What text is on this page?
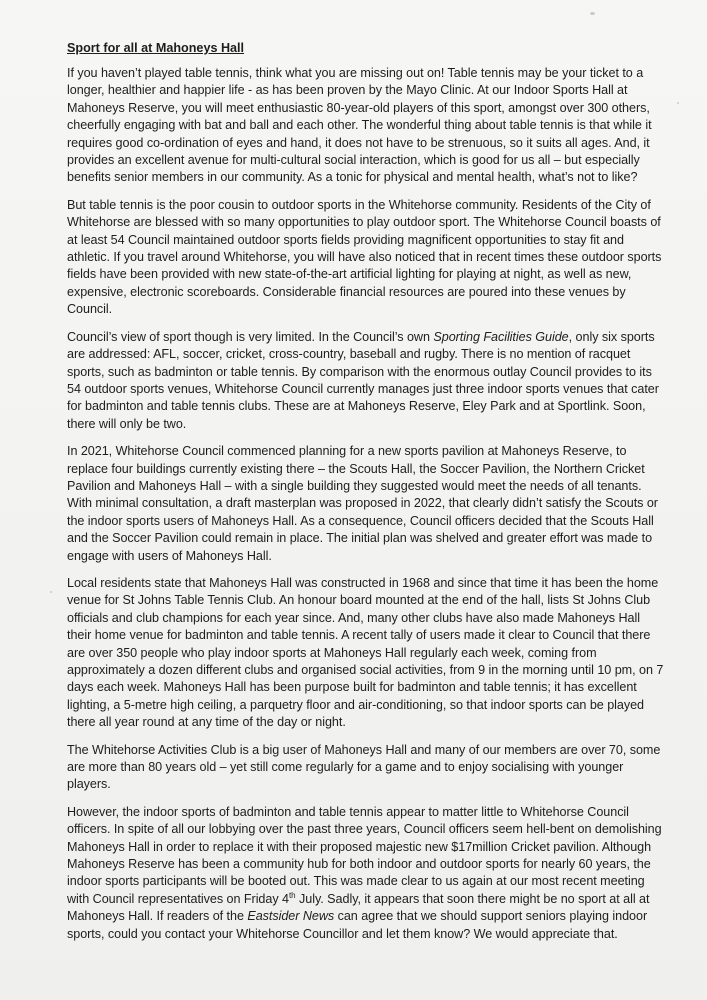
Sport for all at Mahoneys Hall

If you haven’t played table tennis, think what you are missing out on! Table tennis may be your ticket to a longer, healthier and happier life - as has been proven by the Mayo Clinic. At our Indoor Sports Hall at Mahoneys Reserve, you will meet enthusiastic 80-year-old players of this sport, amongst over 300 others, cheerfully engaging with bat and ball and each other. The wonderful thing about table tennis is that while it requires good co-ordination of eyes and hand, it does not have to be strenuous, so it suits all ages. And, it provides an excellent avenue for multi-cultural social interaction, which is good for us all – but especially benefits senior members in our community. As a tonic for physical and mental health, what’s not to like?

But table tennis is the poor cousin to outdoor sports in the Whitehorse community. Residents of the City of Whitehorse are blessed with so many opportunities to play outdoor sport. The Whitehorse Council boasts of at least 54 Council maintained outdoor sports fields providing magnificent opportunities to stay fit and athletic. If you travel around Whitehorse, you will have also noticed that in recent times these outdoor sports fields have been provided with new state-of-the-art artificial lighting for playing at night, as well as new, expensive, electronic scoreboards. Considerable financial resources are poured into these venues by Council.

Council’s view of sport though is very limited. In the Council’s own Sporting Facilities Guide, only six sports are addressed: AFL, soccer, cricket, cross-country, baseball and rugby. There is no mention of racquet sports, such as badminton or table tennis. By comparison with the enormous outlay Council provides to its 54 outdoor sports venues, Whitehorse Council currently manages just three indoor sports venues that cater for badminton and table tennis clubs. These are at Mahoneys Reserve, Eley Park and at Sportlink. Soon, there will only be two.

In 2021, Whitehorse Council commenced planning for a new sports pavilion at Mahoneys Reserve, to replace four buildings currently existing there – the Scouts Hall, the Soccer Pavilion, the Northern Cricket Pavilion and Mahoneys Hall – with a single building they suggested would meet the needs of all tenants. With minimal consultation, a draft masterplan was proposed in 2022, that clearly didn’t satisfy the Scouts or the indoor sports users of Mahoneys Hall. As a consequence, Council officers decided that the Scouts Hall and the Soccer Pavilion could remain in place. The initial plan was shelved and greater effort was made to engage with users of Mahoneys Hall.

Local residents state that Mahoneys Hall was constructed in 1968 and since that time it has been the home venue for St Johns Table Tennis Club. An honour board mounted at the end of the hall, lists St Johns Club officials and club champions for each year since. And, many other clubs have also made Mahoneys Hall their home venue for badminton and table tennis. A recent tally of users made it clear to Council that there are over 350 people who play indoor sports at Mahoneys Hall regularly each week, coming from approximately a dozen different clubs and organised social activities, from 9 in the morning until 10 pm, on 7 days each week. Mahoneys Hall has been purpose built for badminton and table tennis; it has excellent lighting, a 5-metre high ceiling, a parquetry floor and air-conditioning, so that indoor sports can be played there all year round at any time of the day or night.

The Whitehorse Activities Club is a big user of Mahoneys Hall and many of our members are over 70, some are more than 80 years old – yet still come regularly for a game and to enjoy socialising with younger players.

However, the indoor sports of badminton and table tennis appear to matter little to Whitehorse Council officers. In spite of all our lobbying over the past three years, Council officers seem hell-bent on demolishing Mahoneys Hall in order to replace it with their proposed majestic new $17million Cricket pavilion. Although Mahoneys Reserve has been a community hub for both indoor and outdoor sports for nearly 60 years, the indoor sports participants will be booted out. This was made clear to us again at our most recent meeting with Council representatives on Friday 4th July. Sadly, it appears that soon there might be no sport at all at Mahoneys Hall. If readers of the Eastsider News can agree that we should support seniors playing indoor sports, could you contact your Whitehorse Councillor and let them know? We would appreciate that.
